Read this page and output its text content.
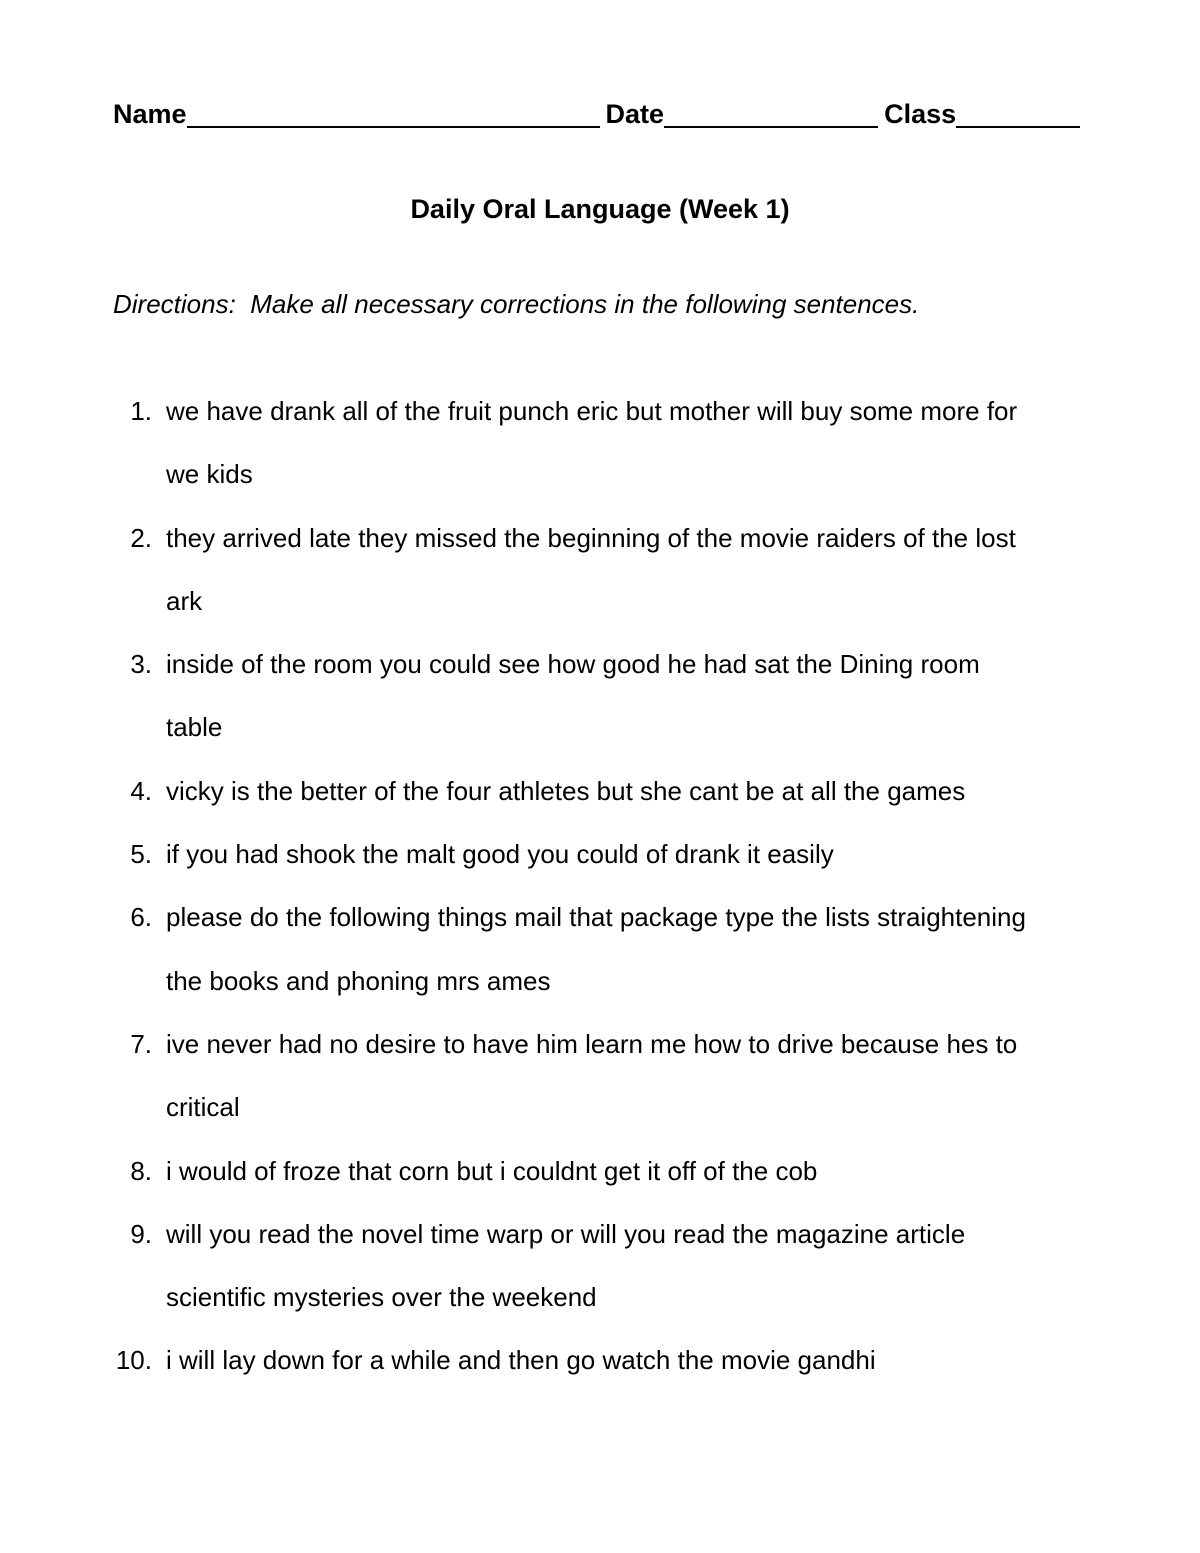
Name	Date	Class
Daily Oral Language (Week 1)

Directions:  Make all necessary corrections in the following sentences.

1. we have drank all of the fruit punch eric but mother will buy some more for
we kids
2. they arrived late they missed the beginning of the movie raiders of the lost
ark
3. inside of the room you could see how good he had sat the Dining room
table
4. vicky is the better of the four athletes but she cant be at all the games
5. if you had shook the malt good you could of drank it easily
6. please do the following things mail that package type the lists straightening
the books and phoning mrs ames
7. ive never had no desire to have him learn me how to drive because hes to
critical
8. i would of froze that corn but i couldnt get it off of the cob
9. will you read the novel time warp or will you read the magazine article
scientific mysteries over the weekend
10. i will lay down for a while and then go watch the movie gandhi
